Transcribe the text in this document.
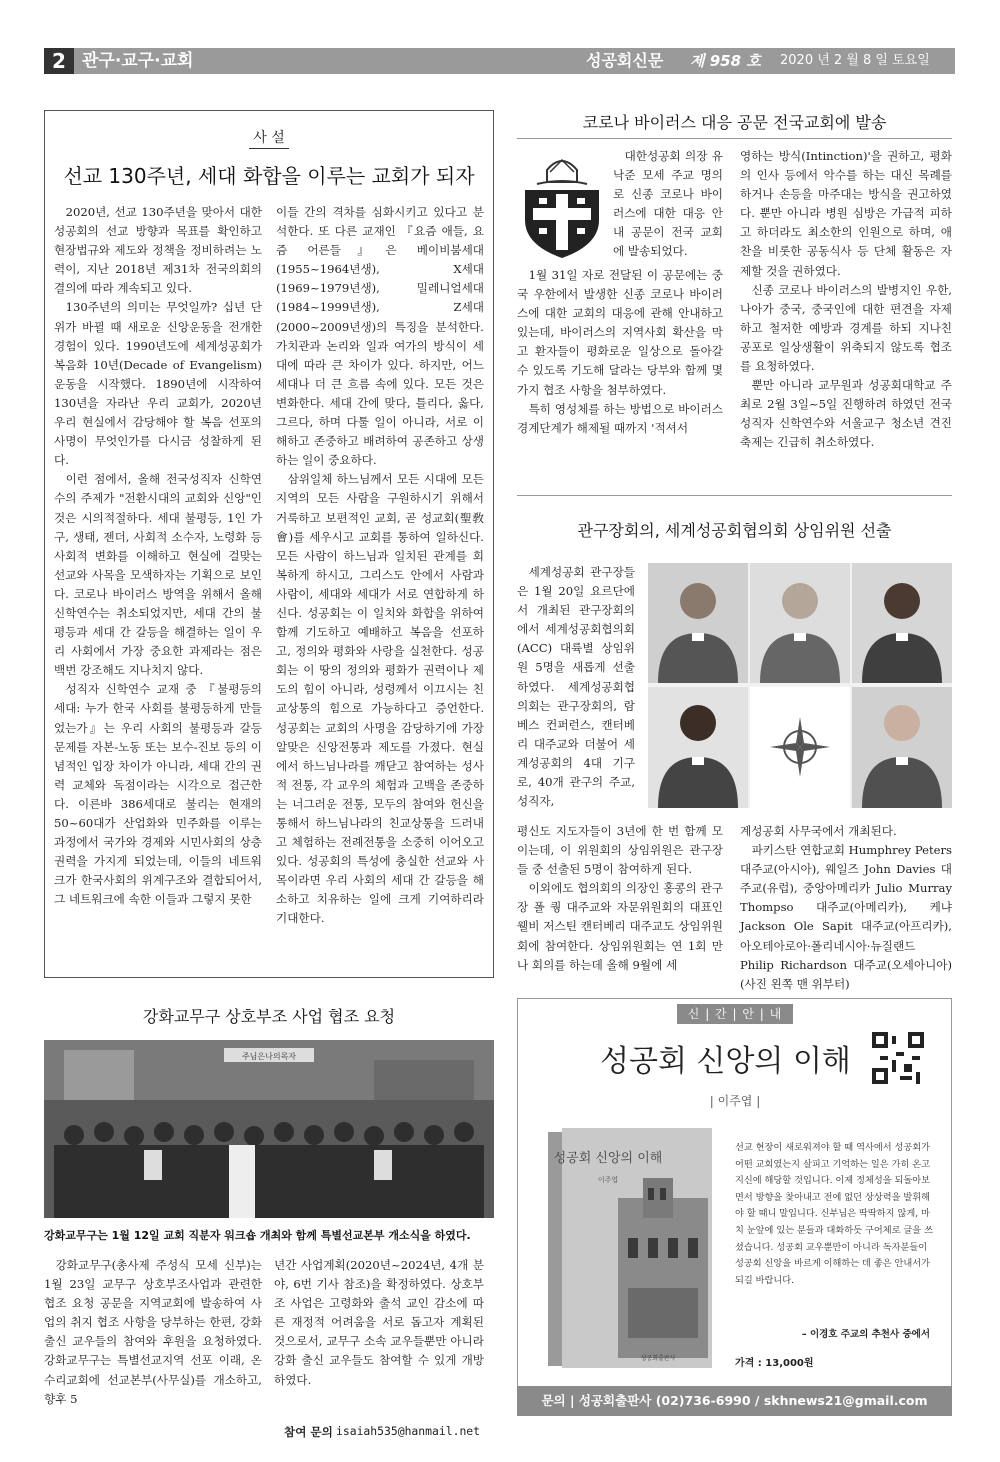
2 관구·교구·교회	성공회신문 제 958 호 2020 년 2 월 8 일 토요일
사 설
선교 130주년, 세대 화합을 이루는 교회가 되자

2020년, 선교 130주년을 맞아서 대한성공회의 선교 방향과 목표를 확인하고 현장법규와 제도와 정책을 정비하려는 노력이, 지난 2018년 제31차 전국의회의 결의에 따라 계속되고 있다.

130주년의 의미는 무엇일까? 십년 단위가 바뀔 때 새로운 신앙운동을 전개한 경험이 있다. 1990년도에 세계성공회가 복음화 10년(Decade of Evangelism) 운동을 시작했다. 1890년에 시작하여 130년을 자라난 우리 교회가, 2020년 우리 현실에서 감당해야 할 복음 선포의 사명이 무엇인가를 다시금 성찰하게 된다.

이런 점에서, 올해 전국성직자 신학연수의 주제가 "전환시대의 교회와 신앙"인 것은 시의적절하다. 세대 불평등, 1인 가구, 생태, 젠더, 사회적 소수자, 노령화 등 사회적 변화를 이해하고 현실에 걸맞는 선교와 사목을 모색하자는 기획으로 보인다. 코로나 바이러스 방역을 위해서 올해 신학연수는 취소되었지만, 세대 간의 불평등과 세대 간 갈등을 해결하는 일이 우리 사회에서 가장 중요한 과제라는 점은 백번 강조해도 지나치지 않다.

성직자 신학연수 교재 중 『불평등의 세대: 누가 한국 사회를 불평등하게 만들었는가』는 우리 사회의 불평등과 갈등 문제를 자본-노동 또는 보수-진보 등의 이념적인 입장 차이가 아니라, 세대 간의 권력 교체와 독점이라는 시각으로 접근한다. 이른바 386세대로 불리는 현재의 50~60대가 산업화와 민주화를 이루는 과정에서 국가와 경제와 시민사회의 상층권력을 가지게 되었는데, 이들의 네트워크가 한국사회의 위계구조와 결합되어서, 그 네트워크에 속한 이들과 그렇지 못한

이들 간의 격차를 심화시키고 있다고 분석한다. 또 다른 교재인 『요즘 애들, 요즘 어른들』은 베이비붐세대(1955~1964년생), X세대(1969~1979년생), 밀레니얼세대(1984~1999년생), Z세대(2000~2009년생)의 특징을 분석한다. 가치관과 논리와 일과 여가의 방식이 세대에 따라 큰 차이가 있다. 하지만, 어느 세대나 더 큰 흐름 속에 있다. 모든 것은 변화한다. 세대 간에 맞다, 틀리다, 옳다, 그르다, 하며 다툴 일이 아니라, 서로 이해하고 존중하고 배려하여 공존하고 상생하는 일이 중요하다.

삼위일체 하느님께서 모든 시대에 모든 지역의 모든 사람을 구원하시기 위해서 거룩하고 보편적인 교회, 곧 성교회(聖敎會)를 세우시고 교회를 통하여 일하신다. 모든 사람이 하느님과 일치된 관계를 회복하게 하시고, 그리스도 안에서 사람과 사람이, 세대와 세대가 서로 연합하게 하신다. 성공회는 이 일치와 화합을 위하여 함께 기도하고 예배하고 복음을 선포하고, 정의와 평화와 사랑을 실천한다. 성공회는 이 땅의 정의와 평화가 권력이나 제도의 힘이 아니라, 성령께서 이끄시는 친교상통의 힘으로 가능하다고 증언한다. 성공회는 교회의 사명을 감당하기에 가장 알맞은 신앙전통과 제도를 가졌다. 현실에서 하느님나라를 깨닫고 참여하는 성사적 전통, 각 교우의 체험과 고백을 존중하는 너그러운 전통, 모두의 참여와 헌신을 통해서 하느님나라의 친교상통을 드러내고 체험하는 전례전통을 소중히 이어오고 있다. 성공회의 특성에 충실한 선교와 사목이라면 우리 사회의 세대 간 갈등을 해소하고 치유하는 일에 크게 기여하리라 기대한다.

코로나 바이러스 대응 공문 전국교회에 발송

대한성공회 의장 유낙준 모세 주교 명의로 신종 코로나 바이러스에 대한 대응 안내 공문이 전국 교회에 발송되었다.

1월 31일 자로 전달된 이 공문에는 중국 우한에서 발생한 신종 코로나 바이러스에 대한 교회의 대응에 관해 안내하고 있는데, 바이러스의 지역사회 확산을 막고 환자들이 평화로운 일상으로 돌아갈 수 있도록 기도해 달라는 당부와 함께 몇 가지 협조 사항을 첨부하였다.

특히 영성체를 하는 방법으로 바이러스 경계단계가 해제될 때까지 '적셔서

영하는 방식(Intinction)'을 권하고, 평화의 인사 등에서 악수를 하는 대신 목례를 하거나 손등을 마주대는 방식을 권고하였다. 뿐만 아니라 병원 심방은 가급적 피하고 하더라도 최소한의 인원으로 하며, 애찬을 비롯한 공동식사 등 단체 활동은 자제할 것을 권하였다.

신종 코로나 바이러스의 발병지인 우한, 나아가 중국, 중국인에 대한 편견을 자제하고 철저한 예방과 경계를 하되 지나친 공포로 일상생활이 위축되지 않도록 협조를 요청하였다.

뿐만 아니라 교무원과 성공회대학교 주최로 2월 3일~5일 진행하려 하였던 전국 성직자 신학연수와 서울교구 청소년 견진축제는 긴급히 취소하였다.

관구장회의, 세계성공회협의회 상임위원 선출

세계성공회 관구장들은 1월 20일 요르단에서 개최된 관구장회의에서 세계성공회협의회(ACC) 대륙별 상임위원 5명을 새롭게 선출하였다. 세계성공회협의회는 관구장회의, 람베스 컨퍼런스, 캔터베리 대주교와 더불어 세계성공회의 4대 기구로, 40개 관구의 주교, 성직자,

평신도 지도자들이 3년에 한 번 함께 모이는데, 이 위원회의 상임위원은 관구장들 중 선출된 5명이 참여하게 된다.

이외에도 협의회의 의장인 홍콩의 관구장 폴 퀑 대주교와 자문위원회의 대표인 웰비 저스틴 캔터베리 대주교도 상임위원회에 참여한다. 상임위원회는 연 1회 만나 회의를 하는데 올해 9월에 세

계성공회 사무국에서 개최된다.

파키스탄 연합교회 Humphrey Peters 대주교(아시아), 웨일즈 John Davies 대주교(유럽), 중앙아메리카 Julio Murray Thompso 대주교(아메리카), 케냐 Jackson Ole Sapit 대주교(아프리카), 아오테아로아·폴리네시아·뉴질랜드 Philip Richardson 대주교(오세아니아)(사진 왼쪽 맨 위부터)

강화교무구 상호부조 사업 협조 요청
주님은나의목자
강화교무구는 1월 12일 교회 직분자 워크숍 개최와 함께 특별선교본부 개소식을 하였다.

강화교무구(총사제 주성식 모세 신부)는 1월 23일 교무구 상호부조사업과 관련한 협조 요청 공문을 지역교회에 발송하여 사업의 취지 협조 사항을 당부하는 한편, 강화 출신 교우들의 참여와 후원을 요청하였다. 강화교무구는 특별선교지역 선포 이래, 온수리교회에 선교본부(사무실)를 개소하고, 향후 5

년간 사업계획(2020년~2024년, 4개 분야, 6번 기사 참조)을 확정하였다. 상호부조 사업은 고령화와 출석 교인 감소에 따른 재정적 어려움을 서로 돕고자 계획된 것으로서, 교무구 소속 교우들뿐만 아니라 강화 출신 교우들도 참여할 수 있게 개방하였다.

참여 문의 isaiah535@hanmail.net
신 | 간 | 안 | 내
성공회 신앙의 이해
| 이주엽 |
성공회 신앙의 이해
이주엽
성공회출판사
선교 현장이 새로워져야 할 때 역사에서 성공회가 어떤 교회였는지 살피고 기억하는 일은 가히 온고지신에 해당할 것입니다. 이제 정체성을 되돌아보면서 방향을 찾아내고 전에 없던 상상력을 발휘해야 할 때니 말입니다. 신부님은 딱딱하지 않게, 마치 눈앞에 있는 분들과 대화하듯 구어체로 글을 쓰셨습니다. 성공회 교우뿐만이 아니라 독자분들이 성공회 신앙을 바르게 이해하는 데 좋은 안내서가 되길 바랍니다.
– 이경호 주교의 추천사 중에서
가격 : 13,000원
문의 | 성공회출판사 (02)736-6990 / skhnews21@gmail.com
